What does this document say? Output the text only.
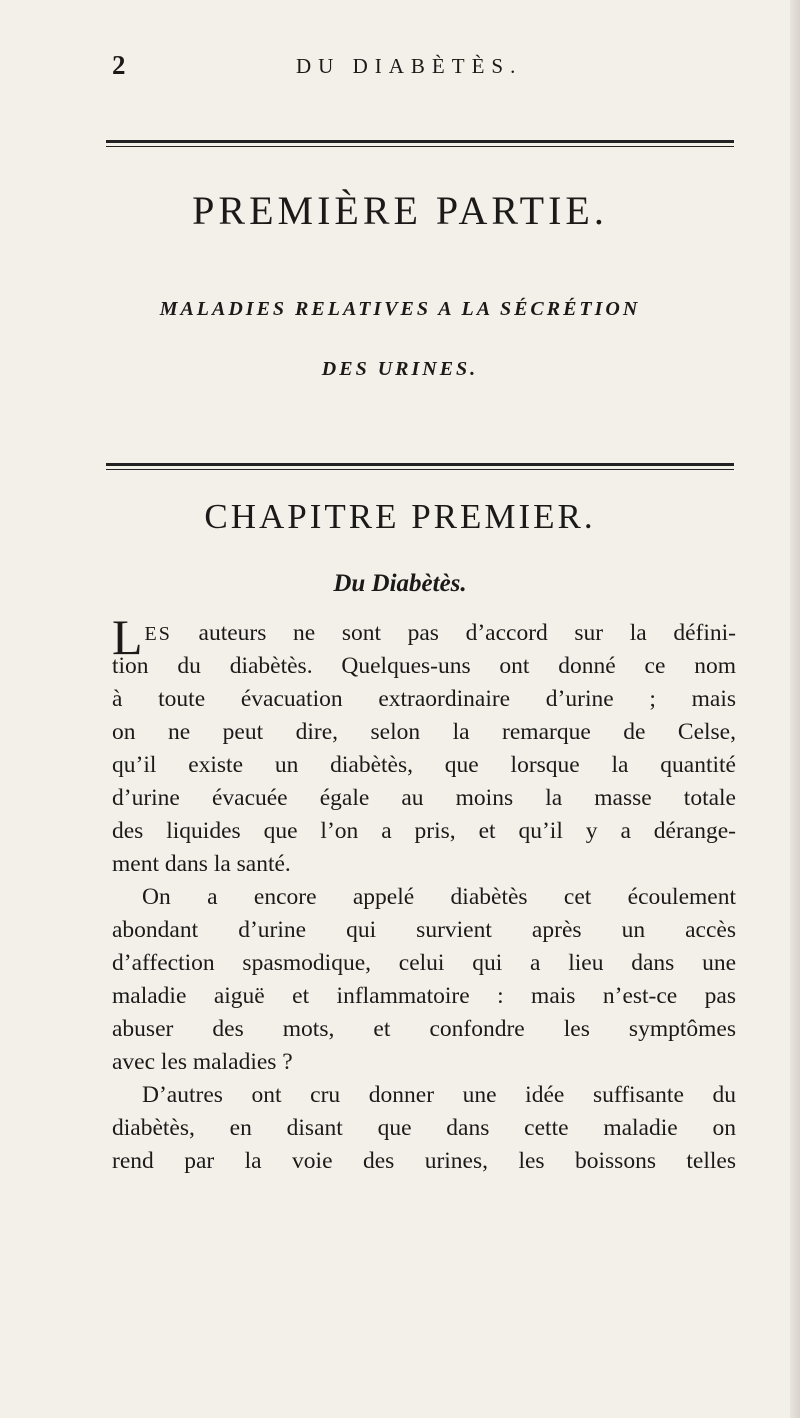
2	DU DIABÈTÈS.
PREMIÈRE PARTIE.
MALADIES RELATIVES A LA SÉCRÉTION
DES URINES.
CHAPITRE PREMIER.
Du Diabètès.
LES auteurs ne sont pas d’accord sur la défini-
tion du diabètès. Quelques-uns ont donné ce nom
à toute évacuation extraordinaire d’urine ; mais
on ne peut dire, selon la remarque de Celse,
qu’il existe un diabètès, que lorsque la quantité
d’urine évacuée égale au moins la masse totale
des liquides que l’on a pris, et qu’il y a dérange-
ment dans la santé.
On a encore appelé diabètès cet écoulement
abondant d’urine qui survient après un accès
d’affection spasmodique, celui qui a lieu dans une
maladie aiguë et inflammatoire : mais n’est-ce pas
abuser des mots, et confondre les symptômes
avec les maladies ?
D’autres ont cru donner une idée suffisante du
diabètès, en disant que dans cette maladie on
rend par la voie des urines, les boissons telles
